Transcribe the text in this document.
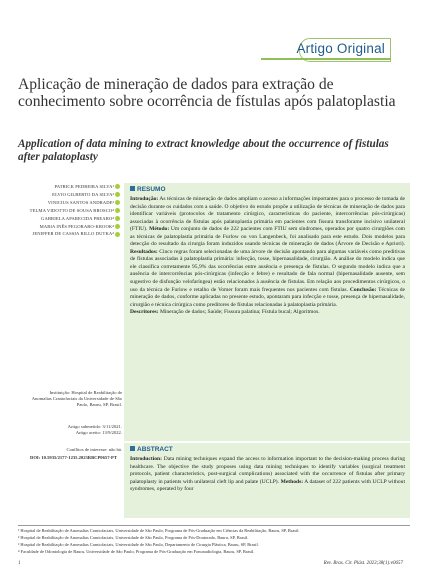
Artigo Original
Aplicação de mineração de dados para extração de conhecimento sobre ocorrência de fístulas após palatoplastia
Application of data mining to extract knowledge about the occurrence of fistulas after palatoplasty
PATRICK PEDREIRA SILVA¹
ELVIO GILBERTO DA SILVA²
VINICIUS SANTOS ANDRADE³
TELMA VIDOTTO DE SOUSA BROSCO⁴
GABRIELA APARECIDA PREARO⁴
MARIA INÊS PEGORARO-KROOK⁴
JENIFFER DE CASSIA RILLO DUTKA⁴
Instituição: Hospital de Reabilitação de Anomalias Craniofaciais da Universidade de São Paulo, Bauru, SP, Brasil.
Artigo submetido: 3/11/2021.
Artigo aceito: 13/9/2022.
Conflitos de interesse: não há.
DOI: 10.5935/2177-1235.2023RBCP0657-PT
RESUMO
Introdução: As técnicas de mineração de dados ampliam o acesso a informações importantes para o processo de tomada de decisão durante os cuidados com a saúde. O objetivo do estudo propõe a utilização de técnicas de mineração de dados para identificar variáveis (protocolos de tratamento cirúrgico, características do paciente, intercorrências pós-cirúrgicas) associadas à ocorrência de fístulas após palatoplastia primária em pacientes com fissura transforame incisivo unilateral (FTIU). Método: Um conjunto de dados de 222 pacientes com FTIU sem síndromes, operados por quatro cirurgiões com as técnicas de palatoplastia primária de Furlow ou von Langenbeck, foi analisado para este estudo. Dois modelos para detecção do resultado da cirurgia foram induzidos usando técnicas de mineração de dados (Árvore de Decisão e Apriori). Resultados: Cinco regras foram selecionadas de uma árvore de decisão apontando para algumas variáveis como preditivas de fístulas associadas à palatoplastia primária: infecção, tosse, hipernasalidade, cirurgião. A análise do modelo indica que ele classifica corretamente 95,9% das ocorrências entre ausência e presença de fístulas. O segundo modelo indica que a ausência de intercorrências pós-cirúrgicas (infecção e febre) e resultado de fala normal (hipernasalidade ausente, sem sugestivo de disfunção velofaríngea) estão relacionados à ausência de fístulas. Em relação aos procedimentos cirúrgicos, o uso da técnica de Furlow e retalho de Vomer foram mais frequentes nos pacientes com fístulas. Conclusão: Técnicas de mineração de dados, conforme aplicadas no presente estudo, apontaram para infecção e tosse, presença de hipernasalidade, cirurgião e técnica cirúrgica como preditores de fístulas relacionadas à palatoplastia primária.
Descritores: Mineração de dados; Saúde; Fissura palatina; Fístula bucal; Algoritmos.
ABSTRACT
Introduction: Data mining techniques expand the access to information important to the decision-making process during healthcare. The objective the study proposes using data mining techniques to identify variables (surgical treatment protocols, patient characteristics, post-surgical complications) associated with the occurrence of fistulas after primary palatoplasty in patients with unilateral cleft lip and palate (UCLP). Methods: A dataset of 222 patients with UCLP without syndromes, operated by four
¹ Hospital de Reabilitação de Anomalias Craniofaciais, Universidade de São Paulo, Programa de Pós-Graduação em Ciências da Reabilitação, Bauru, SP, Brasil.
² Hospital de Reabilitação de Anomalias Craniofaciais, Universidade de São Paulo, Programa de Pós-Doutorado, Bauru, SP, Brasil.
³ Hospital de Reabilitação de Anomalias Craniofaciais, Universidade de São Paulo, Departamento de Cirurgia Plástica, Bauru, SP, Brasil.
⁴ Faculdade de Odontologia de Bauru, Universidade de São Paulo, Programa de Pós-Graduação em Fonoaudiologia, Bauru, SP, Brasil.
1	Rev. Bras. Cir. Plást. 2023;38(1):e0657
